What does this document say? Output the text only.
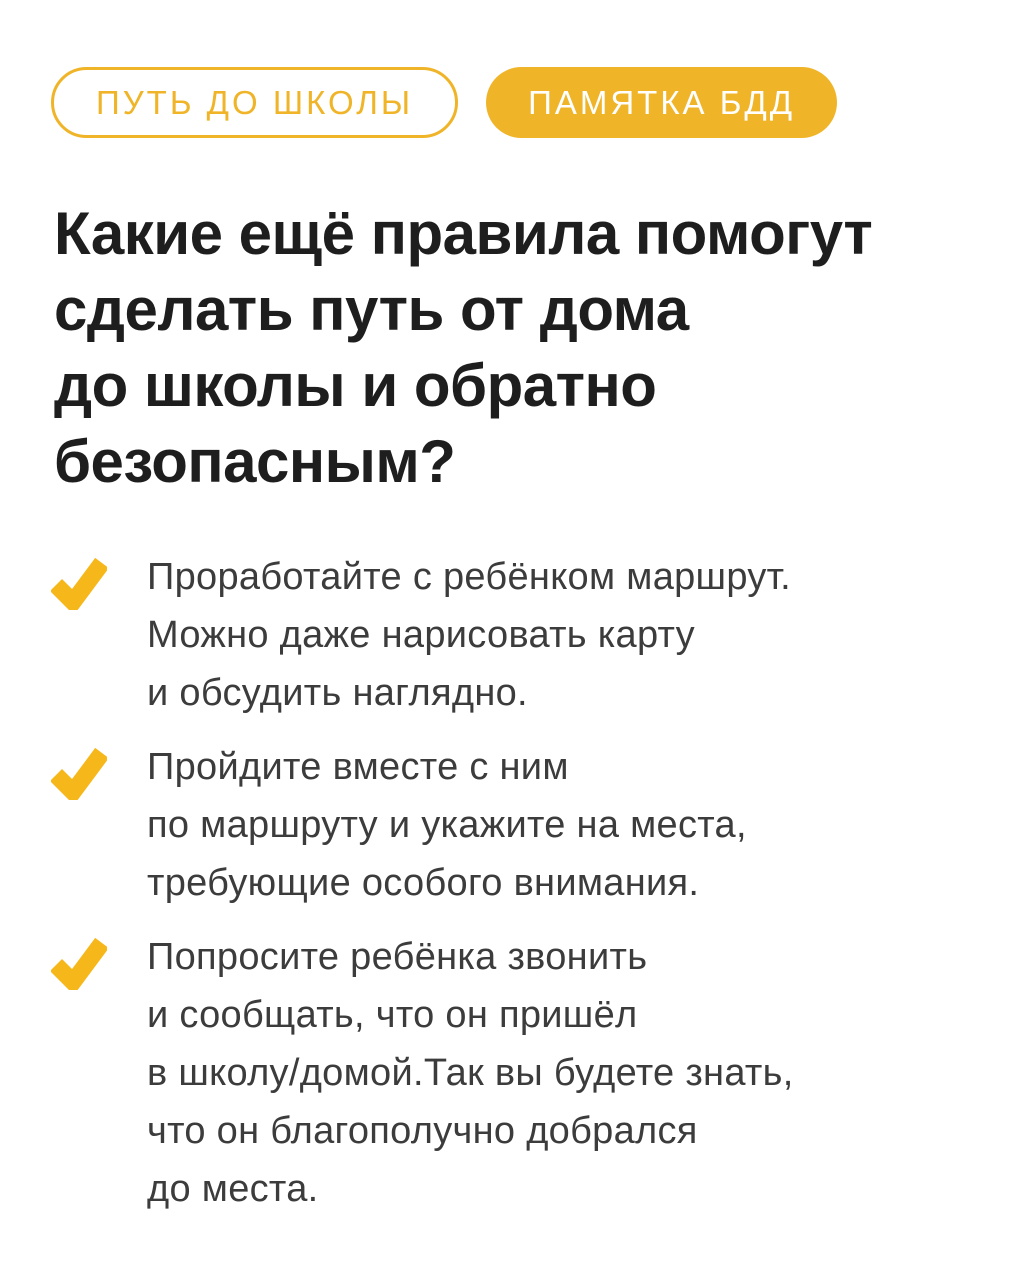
ПУТЬ ДО ШКОЛЫ	ПАМЯТКА БДД
Какие ещё правила помогут
сделать путь от дома
до школы и обратно
безопасным?
Проработайте с ребёнком маршрут.
Можно даже нарисовать карту
и обсудить наглядно.
Пройдите вместе с ним
по маршруту и укажите на места,
требующие особого внимания.
Попросите ребёнка звонить
и сообщать, что он пришёл
в школу/домой.Так вы будете знать,
что он благополучно добрался
до места.
